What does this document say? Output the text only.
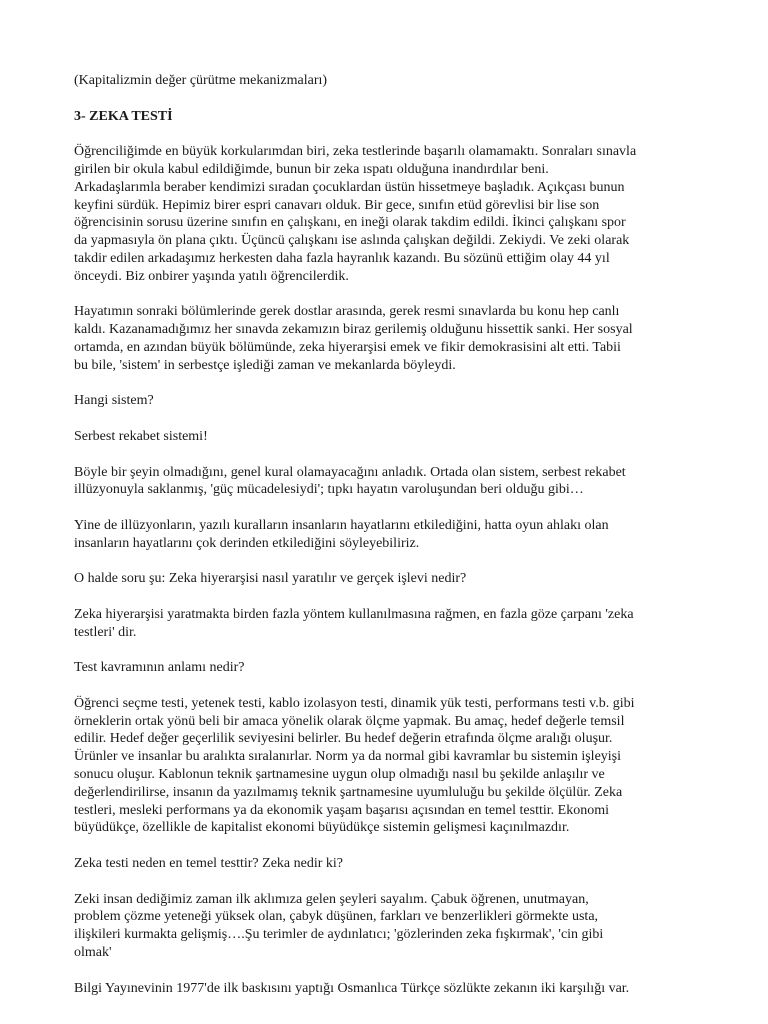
(Kapitalizmin değer çürütme mekanizmaları)

3- ZEKA TESTİ

Öğrenciliğimde en büyük korkularımdan biri, zeka testlerinde başarılı olamamaktı. Sonraları sınavla
girilen bir okula kabul edildiğimde, bunun bir zeka ıspatı olduğuna inandırdılar beni.
Arkadaşlarımla beraber kendimizi sıradan çocuklardan üstün hissetmeye başladık. Açıkçası bunun
keyfini sürdük. Hepimiz birer espri canavarı olduk. Bir gece, sınıfın etüd görevlisi bir lise son
öğrencisinin sorusu üzerine sınıfın en çalışkanı, en ineği olarak takdim edildi. İkinci çalışkanı spor
da yapmasıyla ön plana çıktı. Üçüncü çalışkanı ise aslında çalışkan değildi. Zekiydi. Ve zeki olarak
takdir edilen arkadaşımız herkesten daha fazla hayranlık kazandı. Bu sözünü ettiğim olay 44 yıl
önceydi. Biz onbirer yaşında yatılı öğrencilerdik.

Hayatımın sonraki bölümlerinde gerek dostlar arasında, gerek resmi sınavlarda bu konu hep canlı
kaldı. Kazanamadığımız her sınavda zekamızın biraz gerilemiş olduğunu hissettik sanki. Her sosyal
ortamda, en azından büyük bölümünde, zeka hiyerarşisi emek ve fikir demokrasisini alt etti. Tabii
bu bile, 'sistem' in serbestçe işlediği zaman ve mekanlarda böyleydi.

Hangi sistem?

Serbest rekabet sistemi!

Böyle bir şeyin olmadığını, genel kural olamayacağını anladık. Ortada olan sistem, serbest rekabet
illüzyonuyla saklanmış, 'güç mücadelesiydi'; tıpkı hayatın varoluşundan beri olduğu gibi…

Yine de illüzyonların, yazılı kuralların insanların hayatlarını etkilediğini, hatta oyun ahlakı olan
insanların hayatlarını çok derinden etkilediğini söyleyebiliriz.

O halde soru şu: Zeka hiyerarşisi nasıl yaratılır ve gerçek işlevi nedir?

Zeka hiyerarşisi yaratmakta birden fazla yöntem kullanılmasına rağmen, en fazla göze çarpanı 'zeka
testleri' dir.

Test kavramının anlamı nedir?

Öğrenci seçme testi, yetenek testi, kablo izolasyon testi, dinamik yük testi, performans testi v.b. gibi
örneklerin ortak yönü beli bir amaca yönelik olarak ölçme yapmak. Bu amaç, hedef değerle temsil
edilir. Hedef değer geçerlilik seviyesini belirler. Bu hedef değerin etrafında ölçme aralığı oluşur.
Ürünler ve insanlar bu aralıkta sıralanırlar. Norm ya da normal gibi kavramlar bu sistemin işleyişi
sonucu oluşur. Kablonun teknik şartnamesine uygun olup olmadığı nasıl bu şekilde anlaşılır ve
değerlendirilirse, insanın da yazılmamış teknik şartnamesine uyumluluğu bu şekilde ölçülür. Zeka
testleri, mesleki performans ya da ekonomik yaşam başarısı açısından en temel testtir. Ekonomi
büyüdükçe, özellikle de kapitalist ekonomi büyüdükçe sistemin gelişmesi kaçınılmazdır.

Zeka testi neden en temel testtir? Zeka nedir ki?

Zeki insan dediğimiz zaman ilk aklımıza gelen şeyleri sayalım. Çabuk öğrenen, unutmayan,
problem çözme yeteneği yüksek olan, çabyk düşünen, farkları ve benzerlikleri görmekte usta,
ilişkileri kurmakta gelişmiş….Şu terimler de aydınlatıcı; 'gözlerinden zeka fışkırmak', 'cin gibi
olmak'

Bilgi Yayınevinin 1977'de ilk baskısını yaptığı Osmanlıca Türkçe sözlükte zekanın iki karşılığı var.
